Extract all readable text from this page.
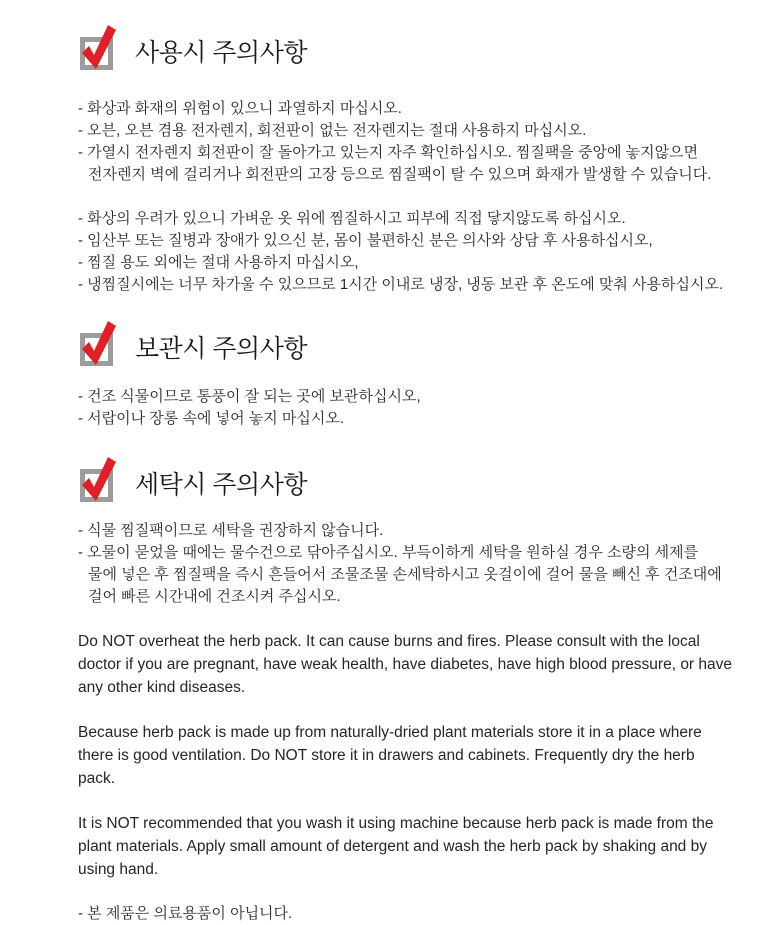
사용시 주의사항

- 화상과 화재의 위험이 있으니 과열하지 마십시오.

- 오븐, 오븐 겸용 전자렌지, 회전판이 없는 전자렌지는 절대 사용하지 마십시오.

- 가열시 전자렌지 회전판이 잘 돌아가고 있는지 자주 확인하십시오. 찜질팩을 중앙에 놓지않으면 전자렌지 벽에 걸리거나 회전판의 고장 등으로 찜질팩이 탈 수 있으며 화재가 발생할 수 있습니다.

- 화상의 우려가 있으니 가벼운 옷 위에 찜질하시고 피부에 직접 닿지않도록 하십시오.

- 임산부 또는 질병과 장애가 있으신 분, 몸이 불편하신 분은 의사와 상담 후 사용하십시오,

- 찜질 용도 외에는 절대 사용하지 마십시오,

- 냉찜질시에는 너무 차가울 수 있으므로 1시간 이내로 냉장, 냉동 보관 후 온도에 맞춰 사용하십시오.

보관시 주의사항

- 건조 식물이므로 통풍이 잘 되는 곳에 보관하십시오,

- 서랍이나 장롱 속에 넣어 놓지 마십시오.

세탁시 주의사항

- 식물 찜질팩이므로 세탁을 권장하지 않습니다.

- 오물이 묻었을 때에는 물수건으로 닦아주십시오. 부득이하게 세탁을 원하실 경우 소량의 세제를 물에 넣은 후 찜질팩을 즉시 흔들어서 조물조물 손세탁하시고 옷걸이에 걸어 물을 빼신 후 건조대에 걸어 빠른 시간내에 건조시켜 주십시오.

Do NOT overheat the herb pack. It can cause burns and fires. Please consult with the local doctor if you are pregnant, have weak health, have diabetes, have high blood pressure, or have any other kind diseases.

Because herb pack is made up from naturally-dried plant materials store it in a place where there is good ventilation. Do NOT store it in drawers and cabinets. Frequently dry the herb pack.

It is NOT recommended that you wash it using machine because herb pack is made from the plant materials. Apply small amount of detergent and wash the herb pack by shaking and by using hand.

- 본 제품은 의료용품이 아닙니다.
